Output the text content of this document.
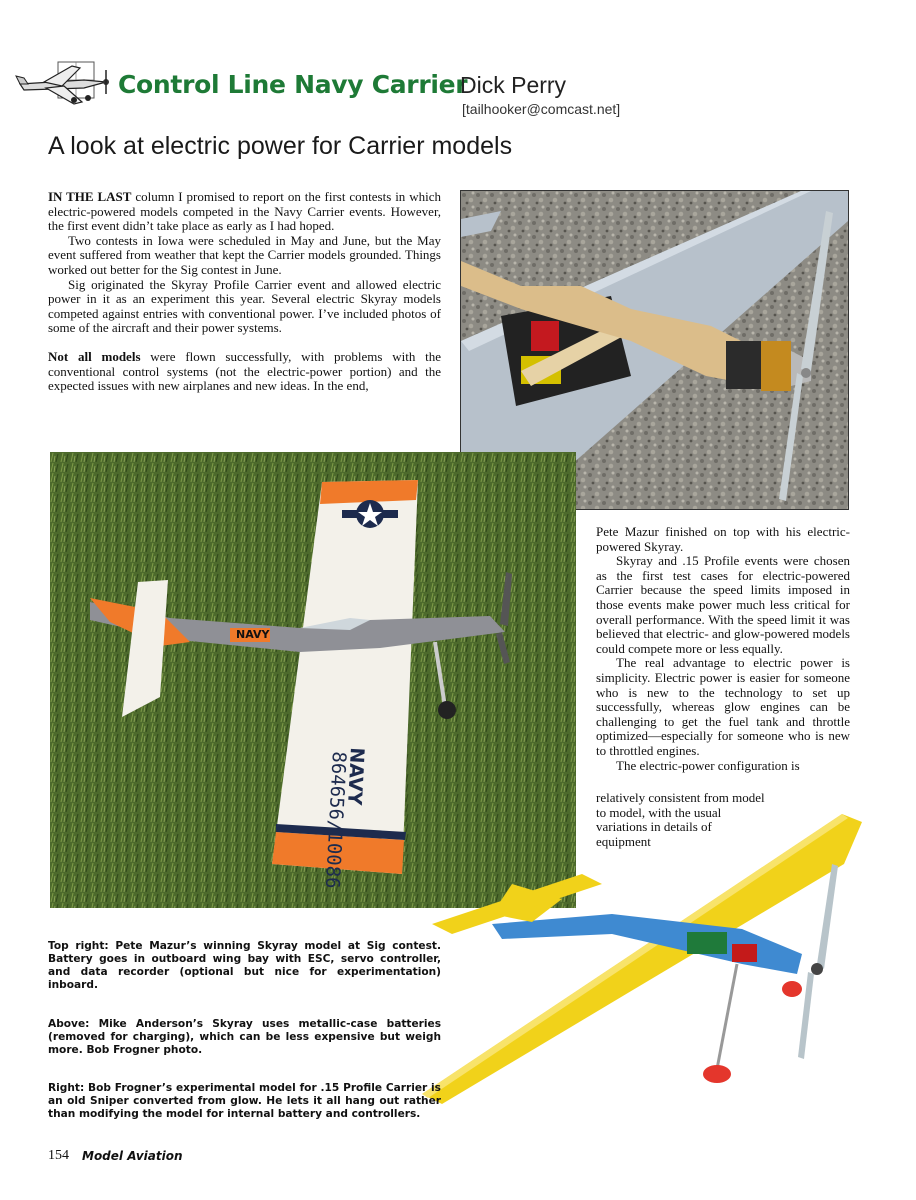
Control Line Navy Carrier
Dick Perry
[tailhooker@comcast.net]
A look at electric power for Carrier models

IN THE LAST column I promised to report on the first contests in which electric-powered models competed in the Navy Carrier events. However, the first event didn’t take place as early as I had hoped.

Two contests in Iowa were scheduled in May and June, but the May event suffered from weather that kept the Carrier models grounded. Things worked out better for the Sig contest in June.

Sig originated the Skyray Profile Carrier event and allowed electric power in it as an experiment this year. Several electric Skyray models competed against entries with conventional power. I’ve included photos of some of the aircraft and their power systems.

Not all models were flown successfully, with problems with the conventional control systems (not the electric-power portion) and the expected issues with new airplanes and new ideas. In the end,

NAVY
864656/10086
NAVY

Pete Mazur finished on top with his electric-powered Skyray.

Skyray and .15 Profile events were chosen as the first test cases for electric-powered Carrier because the speed limits imposed in those events make power much less critical for overall performance. With the speed limit it was believed that electric- and glow-powered models could compete more or less equally.

The real advantage to electric power is simplicity. Electric power is easier for someone who is new to the technology to set up successfully, whereas glow engines can be challenging to get the fuel tank and throttle optimized—especially for someone who is new to throttled engines.

The electric-power configuration is

relatively consistent from model to model, with the usual variations in details of equipment

Top right: Pete Mazur’s winning Skyray model at Sig contest. Battery goes in outboard wing bay with ESC, servo controller, and data recorder (optional but nice for experimentation) inboard.
Above: Mike Anderson’s Skyray uses metallic-case batteries (removed for charging), which can be less expensive but weigh more. Bob Frogner photo.
Right: Bob Frogner’s experimental model for .15 Profile Carrier is an old Sniper converted from glow. He lets it all hang out rather than modifying the model for internal battery and controllers.
154 Model Aviation
